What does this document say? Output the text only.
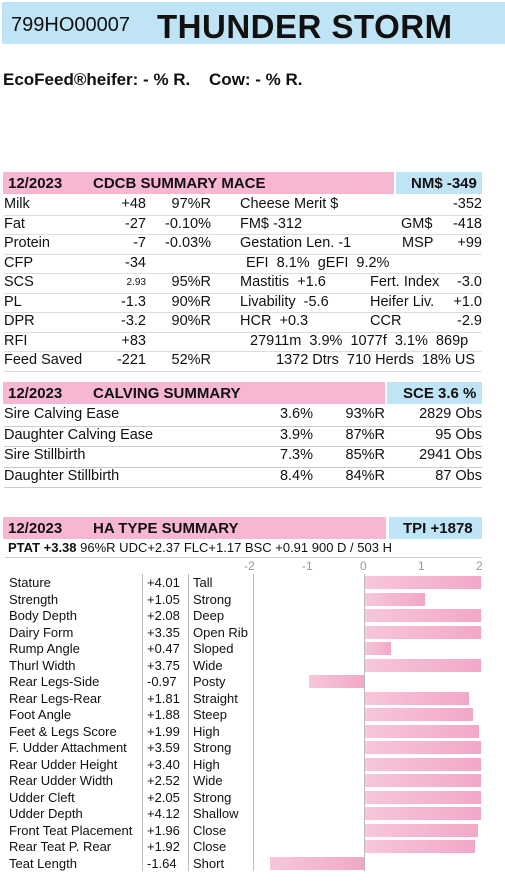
799HO00007 THUNDER STORM
EcoFeed®heifer: - % R. Cow: - % R.
12/2023 CDCB SUMMARY MACE	NM$ -349
Milk	+48 97%R Cheese Merit $	-352
Fat	-27 -0.10% FM$ -312	GM$ -418
Protein	-7 -0.03% Gestation Len. -1	MSP +99
CFP	-34	EFI  8.1%  gEFI  9.2%
SCS	2.93 95%R Mastitis  +1.6	Fert. Index -3.0
PL	-1.3 90%R Livability  -5.6	Heifer Liv. +1.0
DPR	-3.2 90%R HCR  +0.3	CCR	-2.9
RFI	+83	27911m  3.9%  1077f  3.1%  869p
Feed Saved -221 52%R	1372 Dtrs  710 Herds  18% US
12/2023 CALVING SUMMARY	SCE 3.6 %
Sire Calving Ease	3.6% 93%R 2829 Obs
Daughter Calving Ease	3.9% 87%R	95 Obs
Sire Stillbirth	7.3% 85%R 2941 Obs
Daughter Stillbirth	8.4% 84%R	87 Obs
12/2023 HA TYPE SUMMARY	TPI +1878
PTAT +3.38 96%R UDC+2.37 FLC+1.17 BSC +0.91 900 D / 503 H
-2	-1	0	1	2
Stature	+4.01 Tall
Strength	+1.05 Strong
Body Depth	+2.08 Deep
Dairy Form	+3.35 Open Rib
Rump Angle	+0.47 Sloped
Thurl Width	+3.75 Wide
Rear Legs-Side	-0.97 Posty
Rear Legs-Rear	+1.81 Straight
Foot Angle	+1.88 Steep
Feet & Legs Score +1.99 High
F. Udder Attachment +3.59 Strong
Rear Udder Height +3.40 High
Rear Udder Width	+2.52 Wide
Udder Cleft	+2.05 Strong
Udder Depth	+4.12 Shallow
Front Teat Placement +1.96 Close
Rear Teat P. Rear	+1.92 Close
Teat Length	-1.64 Short
